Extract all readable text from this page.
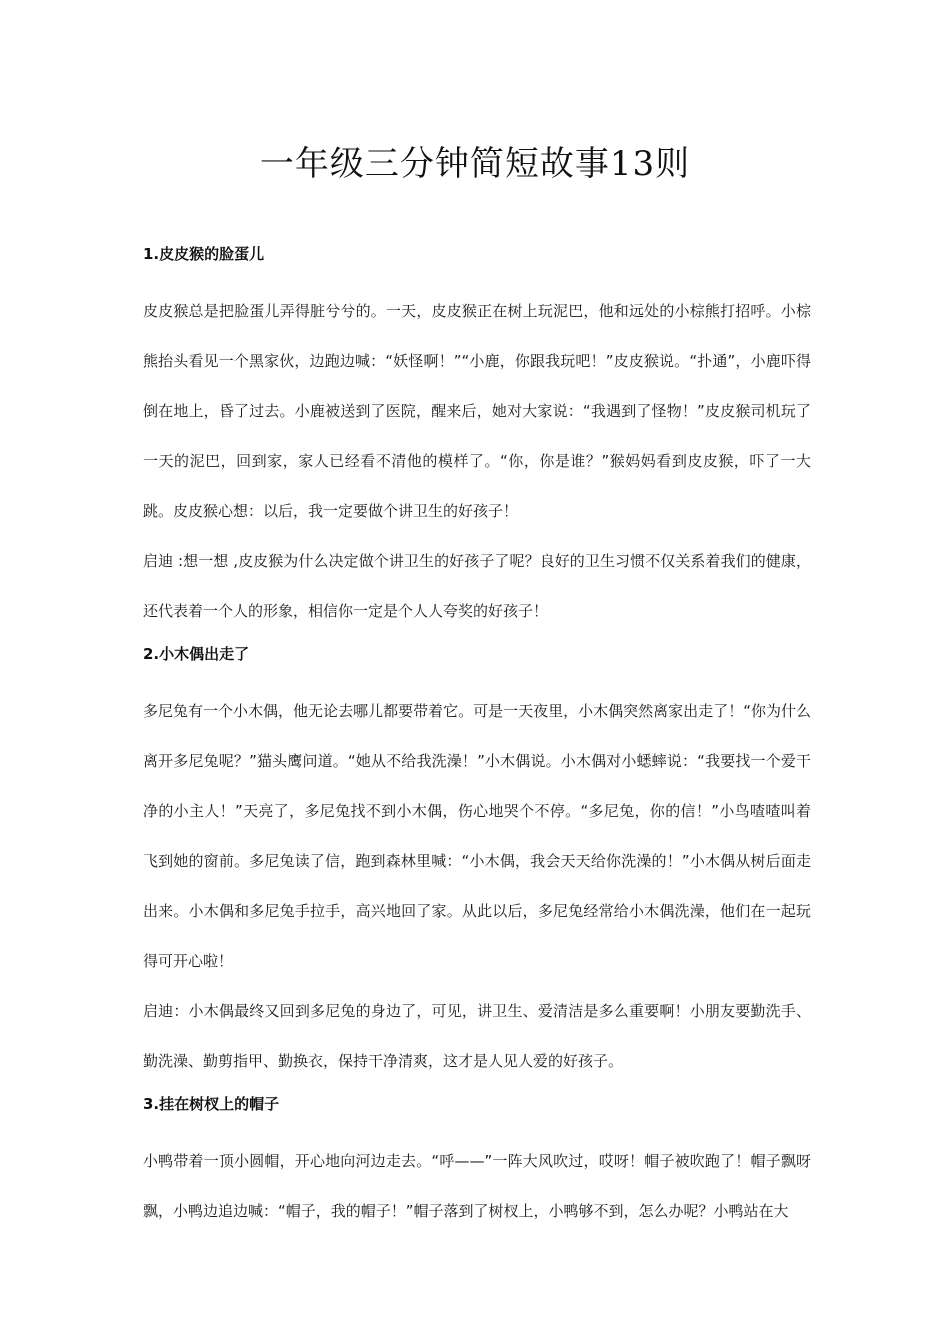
一年级三分钟简短故事13则
1.皮皮猴的脸蛋儿

皮皮猴总是把脸蛋儿弄得脏兮兮的。一天，皮皮猴正在树上玩泥巴，他和远处的小棕熊打招呼。小棕熊抬头看见一个黑家伙，边跑边喊：“妖怪啊！”“小鹿，你跟我玩吧！”皮皮猴说。“扑通”，小鹿吓得倒在地上，昏了过去。小鹿被送到了医院，醒来后，她对大家说：“我遇到了怪物！”皮皮猴司机玩了一天的泥巴，回到家，家人已经看不清他的模样了。“你，你是谁？”猴妈妈看到皮皮猴，吓了一大跳。皮皮猴心想：以后，我一定要做个讲卫生的好孩子！

启迪 :想一想 ,皮皮猴为什么决定做个讲卫生的好孩子了呢？良好的卫生习惯不仅关系着我们的健康，还代表着一个人的形象，相信你一定是个人人夸奖的好孩子！

2.小木偶出走了

多尼兔有一个小木偶，他无论去哪儿都要带着它。可是一天夜里，小木偶突然离家出走了！“你为什么离开多尼兔呢？”猫头鹰问道。“她从不给我洗澡！”小木偶说。小木偶对小蟋蟀说：“我要找一个爱干净的小主人！”天亮了，多尼兔找不到小木偶，伤心地哭个不停。“多尼兔，你的信！”小鸟喳喳叫着飞到她的窗前。多尼兔读了信，跑到森林里喊：“小木偶，我会天天给你洗澡的！”小木偶从树后面走出来。小木偶和多尼兔手拉手，高兴地回了家。从此以后，多尼兔经常给小木偶洗澡，他们在一起玩得可开心啦！

启迪：小木偶最终又回到多尼兔的身边了，可见，讲卫生、爱清洁是多么重要啊！小朋友要勤洗手、勤洗澡、勤剪指甲、勤换衣，保持干净清爽，这才是人见人爱的好孩子。

3.挂在树杈上的帽子

小鸭带着一顶小圆帽，开心地向河边走去。“呼——”一阵大风吹过，哎呀！帽子被吹跑了！帽子飘呀飘，小鸭边追边喊：“帽子，我的帽子！”帽子落到了树杈上，小鸭够不到，怎么办呢？小鸭站在大
